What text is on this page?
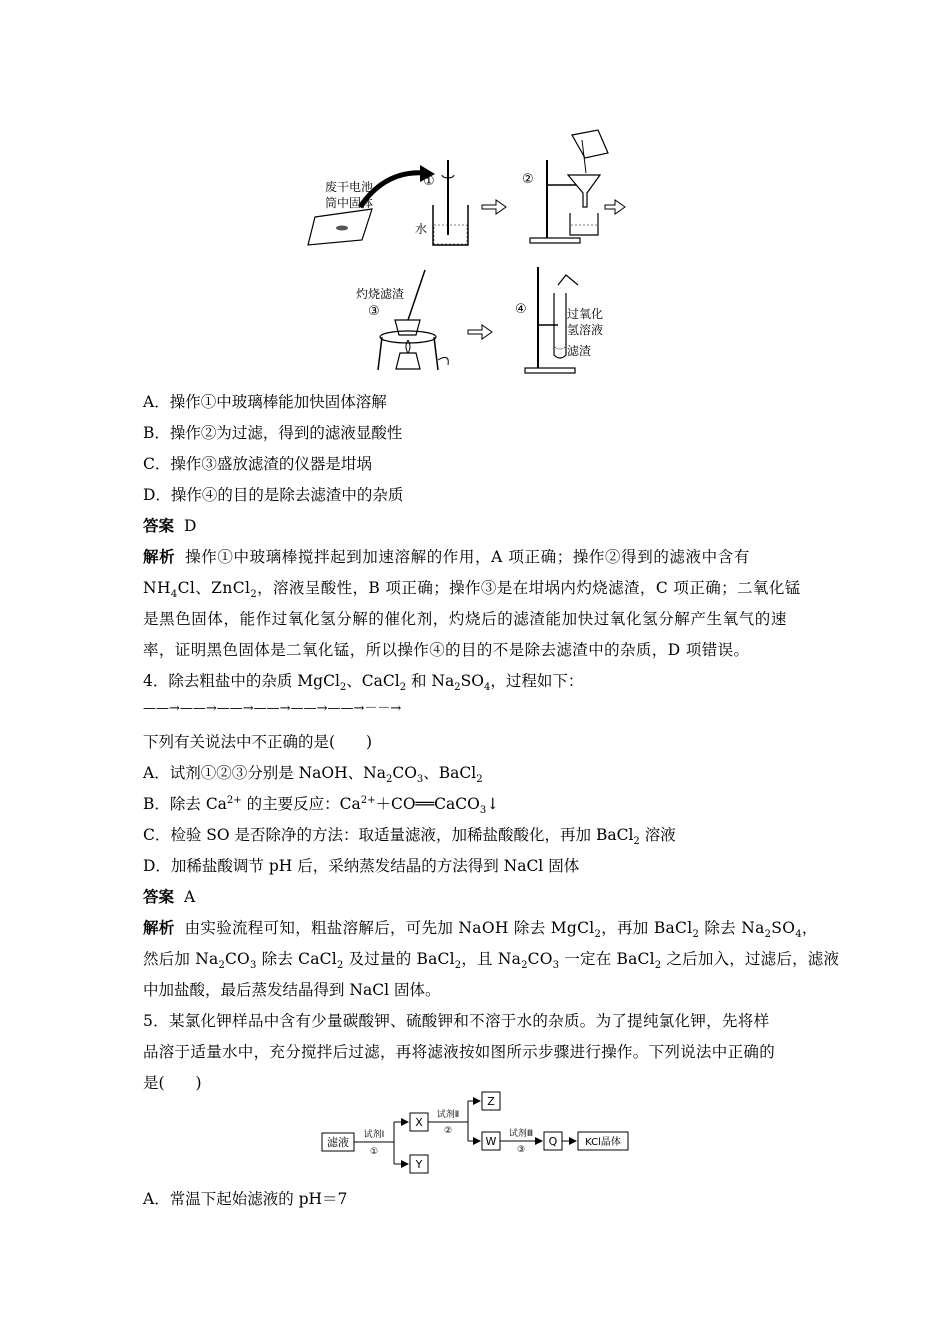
废干电池
筒中固体
①
水
②
灼烧滤渣
③	④	过氧化
氢溶液
滤渣
A．操作①中玻璃棒能加快固体溶解
B．操作②为过滤，得到的滤液显酸性
C．操作③盛放滤渣的仪器是坩埚
D．操作④的目的是除去滤渣中的杂质
答案 D
解析 操作①中玻璃棒搅拌起到加速溶解的作用，A 项正确；操作②得到的滤液中含有
$NH_4Cl$、ZnCl$_2$，溶液呈酸性，B 项正确；操作③是在坩埚内灼烧滤渣，C 项正确；二氧化锰
是黑色固体，能作过氧化氢分解的催化剂，灼烧后的滤渣能加快过氧化氢分解产生氧气的速
率，证明黑色固体是二氧化锰，所以操作④的目的不是除去滤渣中的杂质，D 项错误。
4．除去粗盐中的杂质 MgCl$_2$、CaCl$_2$ 和 $Na_2SO_4$，过程如下：
——→——→——→——→——→——→－－→
下列有关说法中不正确的是(　　)
A．试剂①②③分别是 NaOH、$Na_2CO_3$、BaCl$_2$
B．除去 $Ca^{2+}$ 的主要反应：$Ca^{2+}+CO══CaCO_3↓$
C．检验 SO 是否除净的方法：取适量滤液，加稀盐酸酸化，再加 BaCl$_2$ 溶液
D．加稀盐酸调节 pH 后，采纳蒸发结晶的方法得到 NaCl 固体
答案 A
解析 由实验流程可知，粗盐溶解后，可先加 NaOH 除去 MgCl$_2$，再加 BaCl$_2$ 除去 $Na_2SO_4$，
然后加 $Na_2CO_3$ 除去 CaCl$_2$ 及过量的 BaCl$_2$，且 $Na_2CO_3$ 一定在 BaCl$_2$ 之后加入，过滤后，滤液
中加盐酸，最后蒸发结晶得到 NaCl 固体。
5．某氯化钾样品中含有少量碳酸钾、硫酸钾和不溶于水的杂质。为了提纯氯化钾，先将样
品溶于适量水中，充分搅拌后过滤，再将滤液按如图所示步骤进行操作。下列说法中正确的
是(　　)
滤液
试剂Ⅰ
①
X
Y
试剂Ⅱ
②
Z
W
试剂Ⅲ
③
Q	KCl晶体
A．常温下起始滤液的 pH＝7
